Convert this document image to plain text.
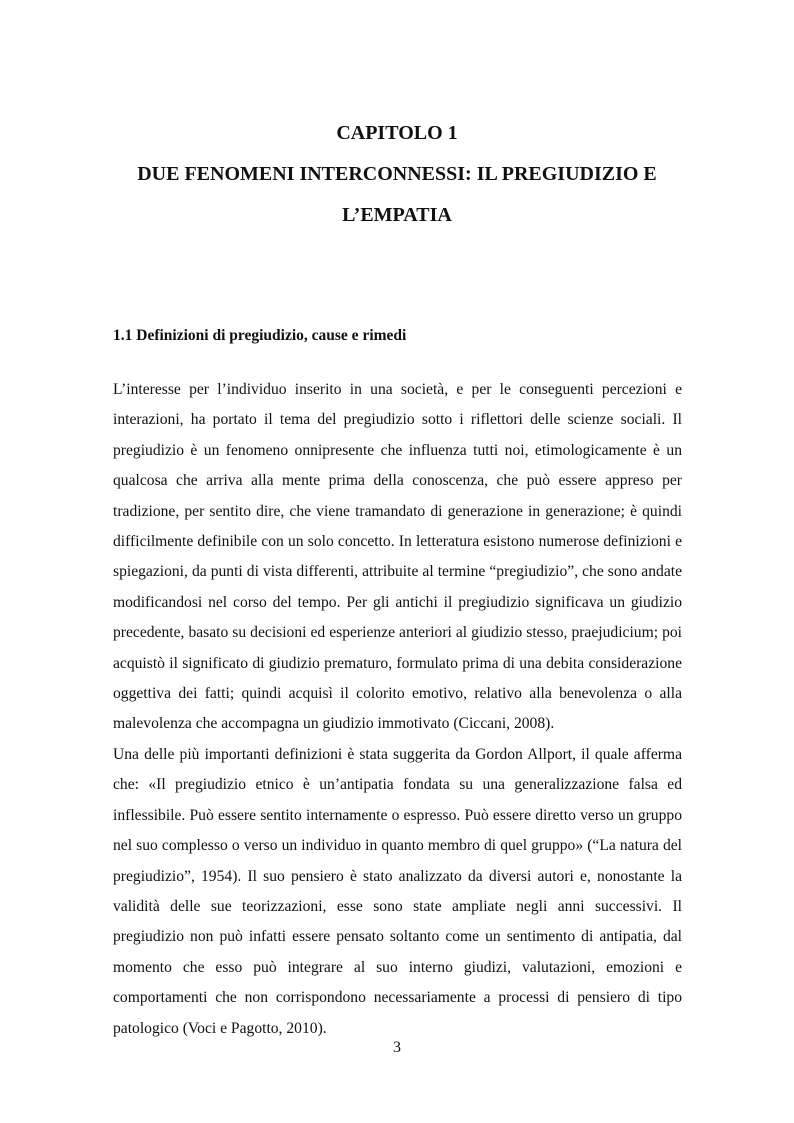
CAPITOLO 1
DUE FENOMENI INTERCONNESSI: IL PREGIUDIZIO E
L’EMPATIA
1.1 Definizioni di pregiudizio, cause e rimedi

L’interesse per l’individuo inserito in una società, e per le conseguenti percezioni e interazioni, ha portato il tema del pregiudizio sotto i riflettori delle scienze sociali. Il pregiudizio è un fenomeno onnipresente che influenza tutti noi, etimologicamente è un qualcosa che arriva alla mente prima della conoscenza, che può essere appreso per tradizione, per sentito dire, che viene tramandato di generazione in generazione; è quindi difficilmente definibile con un solo concetto. In letteratura esistono numerose definizioni e spiegazioni, da punti di vista differenti, attribuite al termine “pregiudizio”, che sono andate modificandosi nel corso del tempo. Per gli antichi il pregiudizio significava un giudizio precedente, basato su decisioni ed esperienze anteriori al giudizio stesso, praejudicium; poi acquistò il significato di giudizio prematuro, formulato prima di una debita considerazione oggettiva dei fatti; quindi acquisì il colorito emotivo, relativo alla benevolenza o alla malevolenza che accompagna un giudizio immotivato (Ciccani, 2008).

Una delle più importanti definizioni è stata suggerita da Gordon Allport, il quale afferma che: «Il pregiudizio etnico è un’antipatia fondata su una generalizzazione falsa ed inflessibile. Può essere sentito internamente o espresso. Può essere diretto verso un gruppo nel suo complesso o verso un individuo in quanto membro di quel gruppo» (“La natura del pregiudizio”, 1954). Il suo pensiero è stato analizzato da diversi autori e, nonostante la validità delle sue teorizzazioni, esse sono state ampliate negli anni successivi. Il pregiudizio non può infatti essere pensato soltanto come un sentimento di antipatia, dal momento che esso può integrare al suo interno giudizi, valutazioni, emozioni e comportamenti che non corrispondono necessariamente a processi di pensiero di tipo patologico (Voci e Pagotto, 2010).

3
